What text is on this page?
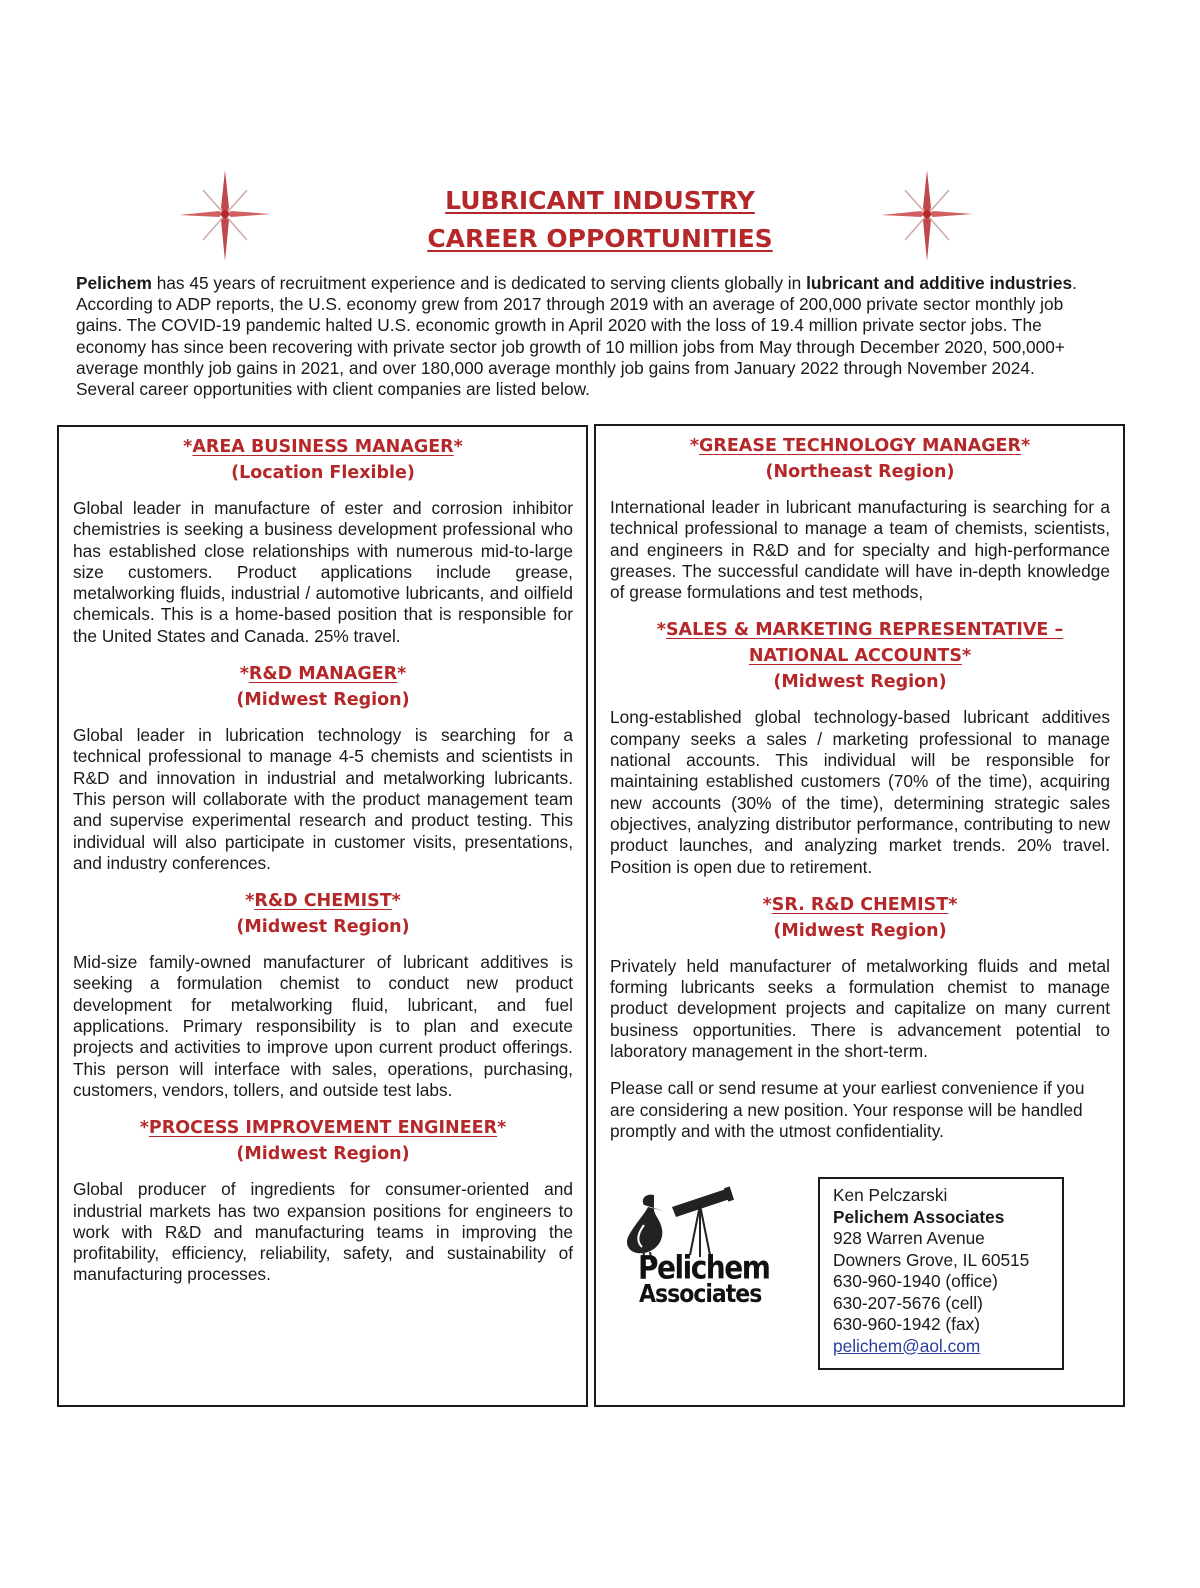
LUBRICANT INDUSTRY
CAREER OPPORTUNITIES
Pelichem has 45 years of recruitment experience and is dedicated to serving clients globally in lubricant and additive industries. According to ADP reports, the U.S. economy grew from 2017 through 2019 with an average of 200,000 private sector monthly job gains. The COVID-19 pandemic halted U.S. economic growth in April 2020 with the loss of 19.4 million private sector jobs. The economy has since been recovering with private sector job growth of 10 million jobs from May through December 2020, 500,000+ average monthly job gains in 2021, and over 180,000 average monthly job gains from January 2022 through November 2024. Several career opportunities with client companies are listed below.
*AREA BUSINESS MANAGER*
(Location Flexible)
Global leader in manufacture of ester and corrosion inhibitor chemistries is seeking a business development professional who has established close relationships with numerous mid-to-large size customers. Product applications include grease, metalworking fluids, industrial / automotive lubricants, and oilfield chemicals. This is a home-based position that is responsible for the United States and Canada. 25% travel.
*R&D MANAGER*
(Midwest Region)
Global leader in lubrication technology is searching for a technical professional to manage 4-5 chemists and scientists in R&D and innovation in industrial and metalworking lubricants. This person will collaborate with the product management team and supervise experimental research and product testing. This individual will also participate in customer visits, presentations, and industry conferences.
*R&D CHEMIST*
(Midwest Region)
Mid-size family-owned manufacturer of lubricant additives is seeking a formulation chemist to conduct new product development for metalworking fluid, lubricant, and fuel applications. Primary responsibility is to plan and execute projects and activities to improve upon current product offerings. This person will interface with sales, operations, purchasing, customers, vendors, tollers, and outside test labs.
*PROCESS IMPROVEMENT ENGINEER*
(Midwest Region)
Global producer of ingredients for consumer-oriented and industrial markets has two expansion positions for engineers to work with R&D and manufacturing teams in improving the profitability, efficiency, reliability, safety, and sustainability of manufacturing processes.
*GREASE TECHNOLOGY MANAGER*
(Northeast Region)
International leader in lubricant manufacturing is searching for a technical professional to manage a team of chemists, scientists, and engineers in R&D and for specialty and high-performance greases. The successful candidate will have in-depth knowledge of grease formulations and test methods,
*SALES & MARKETING REPRESENTATIVE –
NATIONAL ACCOUNTS*
(Midwest Region)
Long-established global technology-based lubricant additives company seeks a sales / marketing professional to manage national accounts. This individual will be responsible for maintaining established customers (70% of the time), acquiring new accounts (30% of the time), determining strategic sales objectives, analyzing distributor performance, contributing to new product launches, and analyzing market trends. 20% travel. Position is open due to retirement.
*SR. R&D CHEMIST*
(Midwest Region)
Privately held manufacturer of metalworking fluids and metal forming lubricants seeks a formulation chemist to manage product development projects and capitalize on many current business opportunities. There is advancement potential to laboratory management in the short-term.
Please call or send resume at your earliest convenience if you are considering a new position. Your response will be handled promptly and with the utmost confidentiality.
Pelichem
Associates
Ken Pelczarski
Pelichem Associates
928 Warren Avenue
Downers Grove, IL 60515
630-960-1940 (office)
630-207-5676 (cell)
630-960-1942 (fax)
pelichem@aol.com
